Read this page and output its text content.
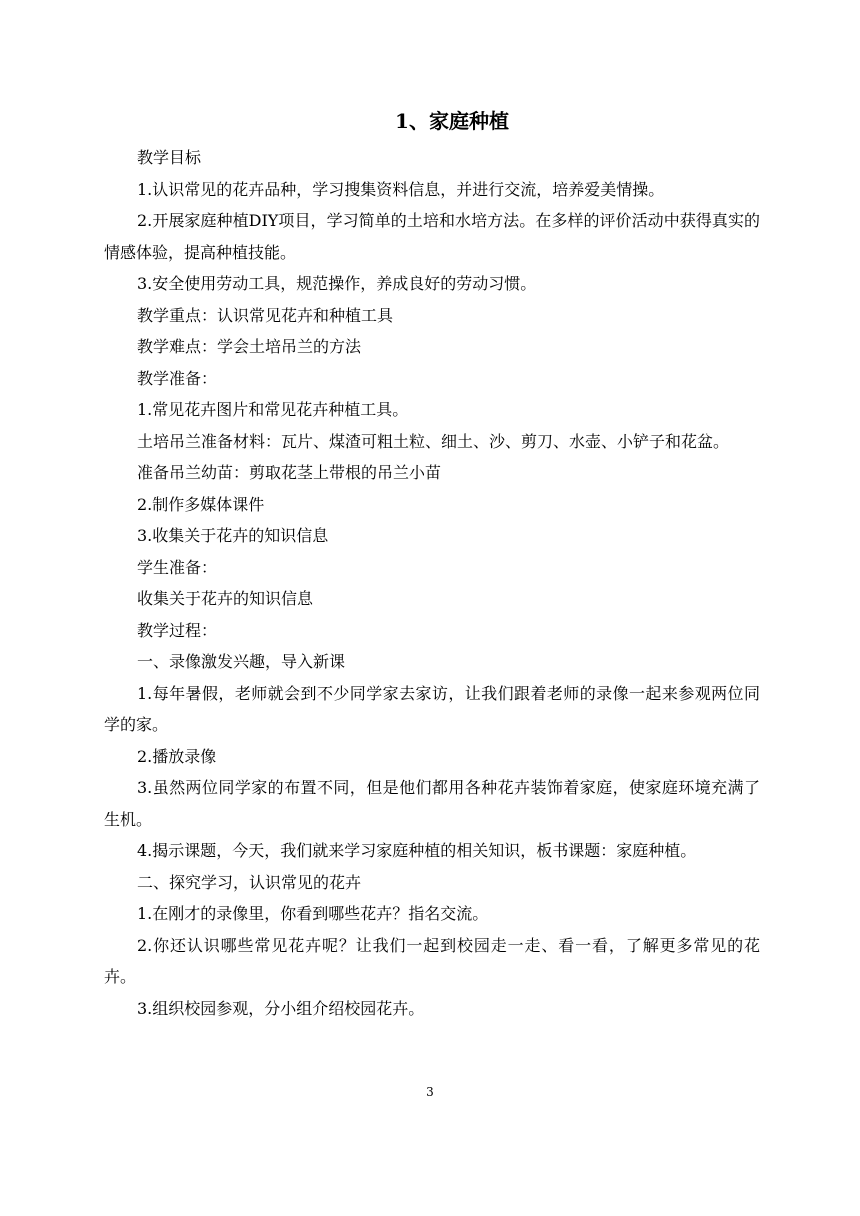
1、家庭种植

教学目标

1.认识常见的花卉品种，学习搜集资料信息，并进行交流，培养爱美情操。

2.开展家庭种植DIY项目，学习简单的土培和水培方法。在多样的评价活动中获得真实的情感体验，提高种植技能。

3.安全使用劳动工具，规范操作，养成良好的劳动习惯。

教学重点：认识常见花卉和种植工具

教学难点：学会土培吊兰的方法

教学准备：

1.常见花卉图片和常见花卉种植工具。

土培吊兰准备材料：瓦片、煤渣可粗土粒、细土、沙、剪刀、水壶、小铲子和花盆。

准备吊兰幼苗：剪取花茎上带根的吊兰小苗

2.制作多媒体课件

3.收集关于花卉的知识信息

学生准备：

收集关于花卉的知识信息

教学过程：

一、录像激发兴趣，导入新课

1.每年暑假，老师就会到不少同学家去家访，让我们跟着老师的录像一起来参观两位同学的家。

2.播放录像

3.虽然两位同学家的布置不同，但是他们都用各种花卉装饰着家庭，使家庭环境充满了生机。

4.揭示课题，今天，我们就来学习家庭种植的相关知识，板书课题：家庭种植。

二、探究学习，认识常见的花卉

1.在刚才的录像里，你看到哪些花卉？指名交流。

2.你还认识哪些常见花卉呢？让我们一起到校园走一走、看一看，了解更多常见的花卉。

3.组织校园参观，分小组介绍校园花卉。

3
